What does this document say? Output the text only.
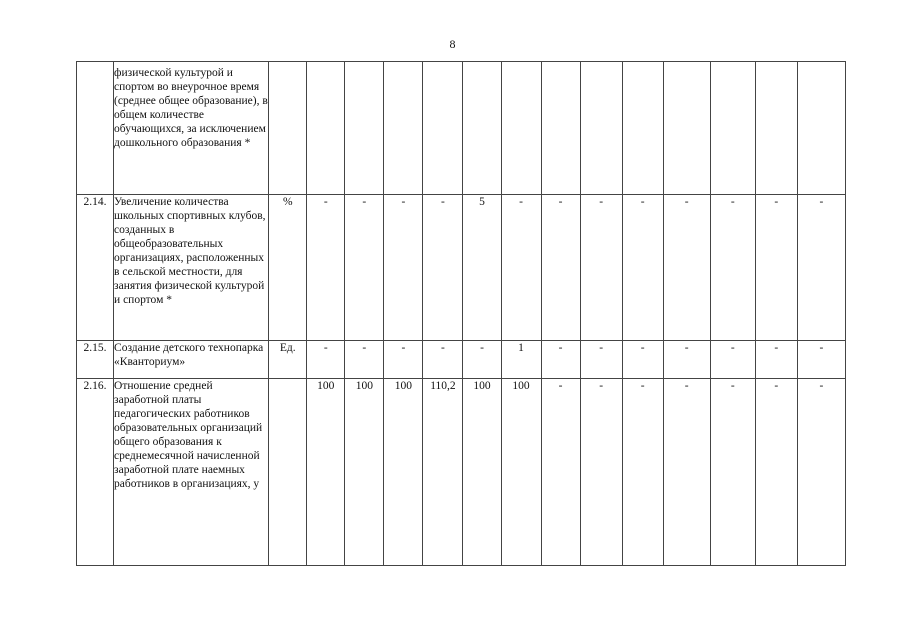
8
	физической культурой и спортом во внеурочное время (среднее общее образование), в общем количестве обучающихся, за исключением дошкольного образования *														
2.14.	Увеличение количества школьных спортивных клубов, созданных в общеобразовательных организациях, расположенных в сельской местности, для занятия физической культурой и спортом *	%	-	-	-	-	5	-	-	-	-	-	-	-	-
2.15.	Создание детского технопарка «Кванториум»	Ед.	-	-	-	-	-	1	-	-	-	-	-	-	-
2.16.	Отношение средней заработной платы педагогических работников образовательных организаций общего образования к среднемесячной начисленной заработной плате наемных работников в организациях, у		100	100	100	110,2	100	100	-	-	-	-	-	-	-
